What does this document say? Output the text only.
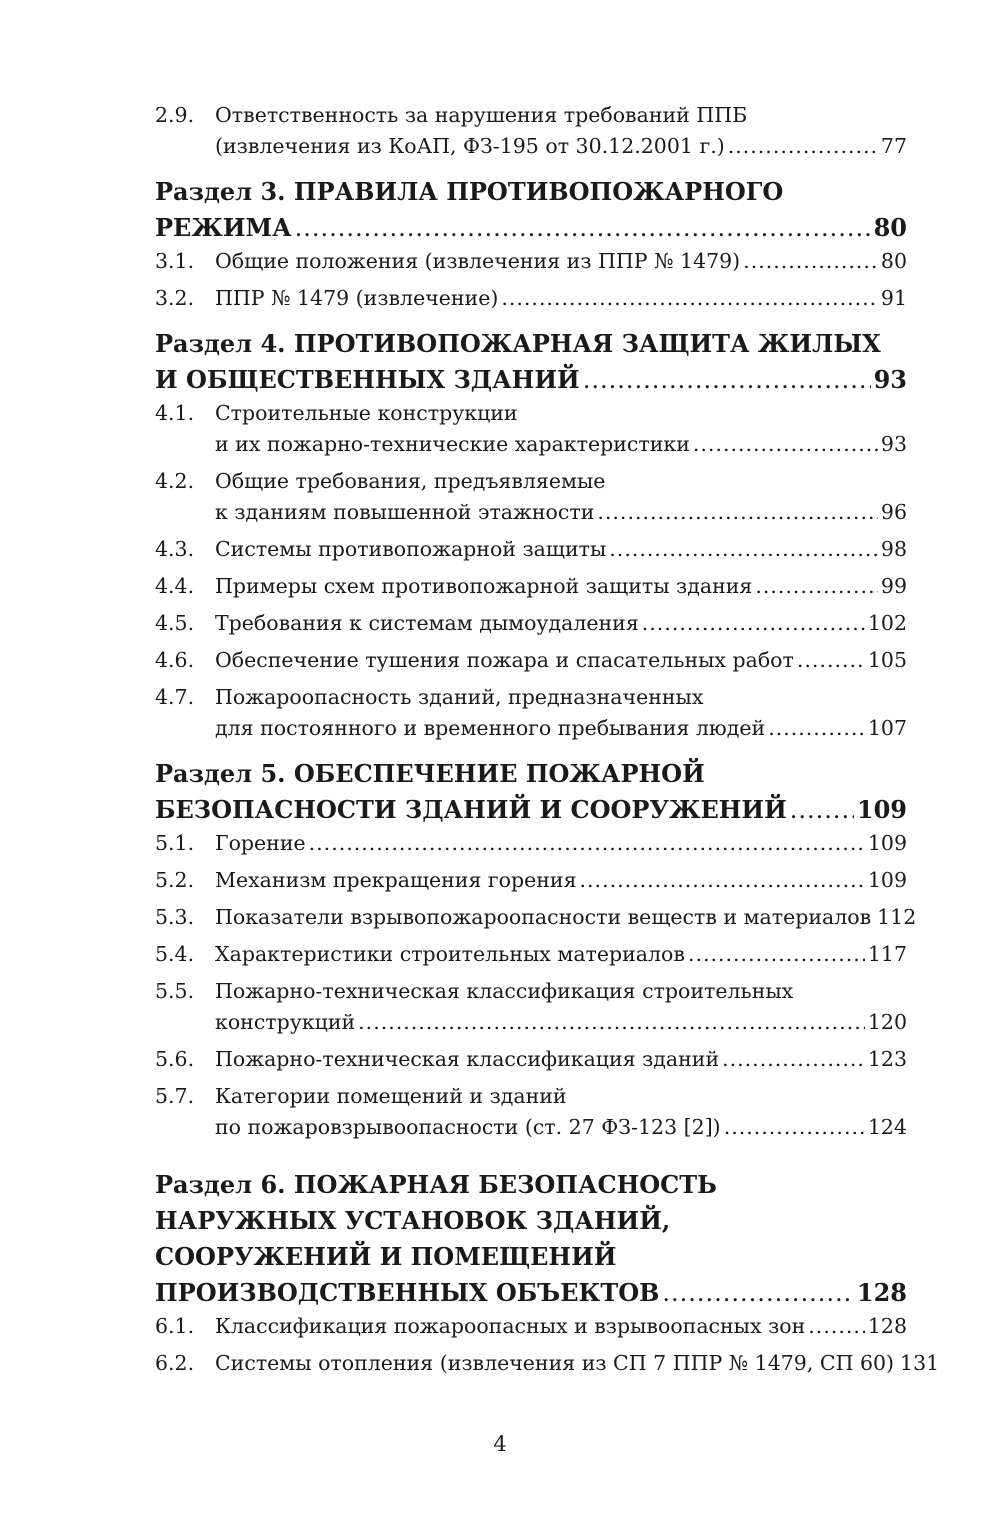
2.9.	Ответственность за нарушения требований ППБ
(извлечения из КоАП, ФЗ-195 от 30.12.2001 г.) .....	77
Раздел 3. ПРАВИЛА ПРОТИВОПОЖАРНОГО
РЕЖИМА .....	80
3.1.	Общие положения (извлечения из ППР № 1479) .....	80
3.2.	ППР № 1479 (извлечение) .....	91
Раздел 4. ПРОТИВОПОЖАРНАЯ ЗАЩИТА ЖИЛЫХ
И ОБЩЕСТВЕННЫХ ЗДАНИЙ .....	93
4.1.	Строительные конструкции
и их пожарно-технические характеристики .....	93
4.2.	Общие требования, предъявляемые
к зданиям повышенной этажности .....	96
4.3.	Системы противопожарной защиты .....	98
4.4.	Примеры схем противопожарной защиты здания .....	99
4.5.	Требования к системам дымоудаления .....	102
4.6.	Обеспечение тушения пожара и спасательных работ .....	105
4.7.	Пожароопасность зданий, предназначенных
для постоянного и временного пребывания людей .....	107
Раздел 5. ОБЕСПЕЧЕНИЕ ПОЖАРНОЙ
БЕЗОПАСНОСТИ ЗДАНИЙ И СООРУЖЕНИЙ .....	109
5.1.	Горение .....	109
5.2.	Механизм прекращения горения .....	109
5.3.	Показатели взрывопожароопасности веществ и материалов 112
5.4.	Характеристики строительных материалов .....	117
5.5.	Пожарно-техническая классификация строительных
конструкций .....	120
5.6.	Пожарно-техническая классификация зданий .....	123
5.7.	Категории помещений и зданий
по пожаровзрывоопасности (ст. 27 ФЗ-123 [2]) .....	124
Раздел 6. ПОЖАРНАЯ БЕЗОПАСНОСТЬ
НАРУЖНЫХ УСТАНОВОК ЗДАНИЙ,
СООРУЖЕНИЙ И ПОМЕЩЕНИЙ
ПРОИЗВОДСТВЕННЫХ ОБЪЕКТОВ .....	128
6.1.	Классификация пожароопасных и взрывоопасных зон .....	128
6.2.	Системы отопления (извлечения из СП 7 ППР № 1479, СП 60) 131
4
